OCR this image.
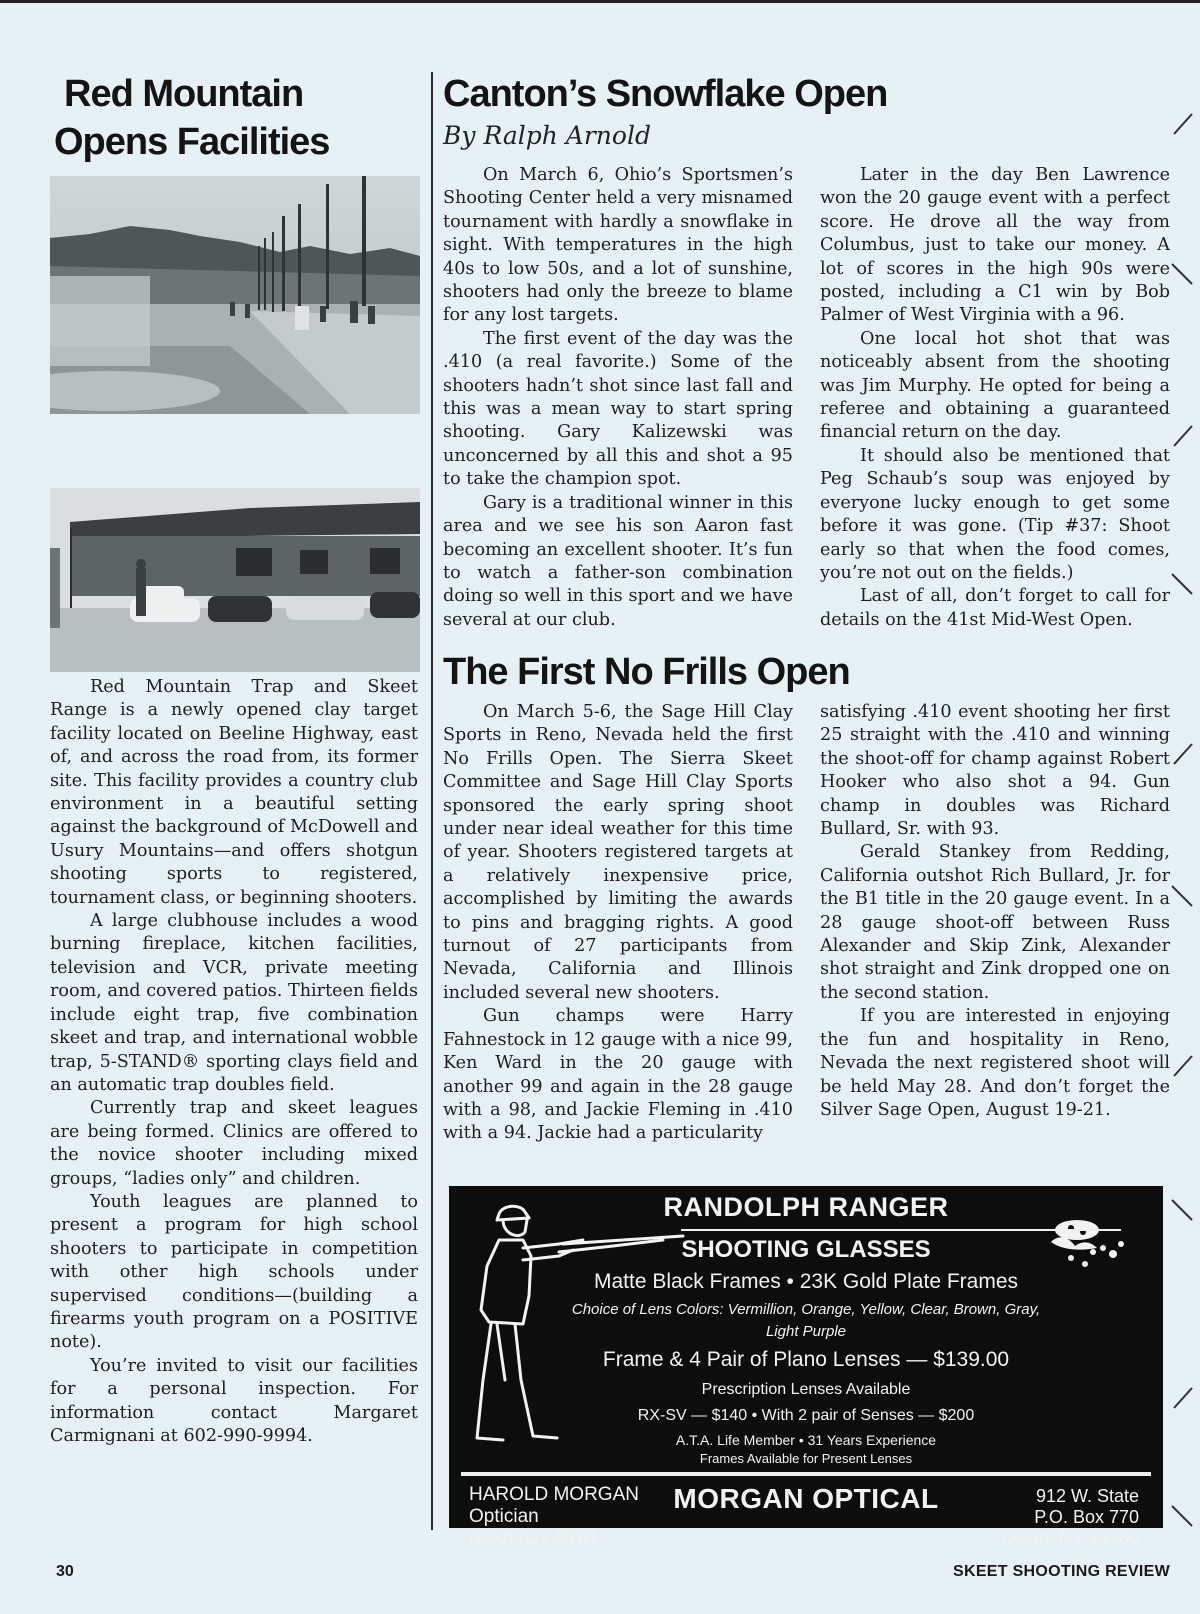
Red Mountain
Opens Facilities

Red Mountain Trap and Skeet Range is a newly opened clay target facility located on Beeline Highway, east of, and across the road from, its former site. This facility provides a country club environment in a beautiful setting against the background of McDowell and Usury Mountains—and offers shotgun shooting sports to registered, tournament class, or beginning shooters.

A large clubhouse includes a wood burning fireplace, kitchen facilities, television and VCR, private meeting room, and covered patios. Thirteen fields include eight trap, five combination skeet and trap, and international wobble trap, 5-STAND® sporting clays field and an automatic trap doubles field.

Currently trap and skeet leagues are being formed. Clinics are offered to the novice shooter including mixed groups, “ladies only” and children.

Youth leagues are planned to present a program for high school shooters to participate in competition with other high schools under supervised conditions—(building a firearms youth program on a POSITIVE note).

You’re invited to visit our facilities for a personal inspection. For information contact Margaret Carmignani at 602-990-9994.

Canton’s Snowflake Open
By Ralph Arnold

On March 6, Ohio’s Sportsmen’s Shooting Center held a very misnamed tournament with hardly a snowflake in sight. With temperatures in the high 40s to low 50s, and a lot of sunshine, shooters had only the breeze to blame for any lost targets.

The first event of the day was the .410 (a real favorite.) Some of the shooters hadn’t shot since last fall and this was a mean way to start spring shooting. Gary Kalizewski was unconcerned by all this and shot a 95 to take the champion spot.

Gary is a traditional winner in this area and we see his son Aaron fast becoming an excellent shooter. It’s fun to watch a father-son combination doing so well in this sport and we have several at our club.

Later in the day Ben Lawrence won the 20 gauge event with a perfect score. He drove all the way from Columbus, just to take our money. A lot of scores in the high 90s were posted, including a C1 win by Bob Palmer of West Virginia with a 96.

One local hot shot that was noticeably absent from the shooting was Jim Murphy. He opted for being a referee and obtaining a guaranteed financial return on the day.

It should also be mentioned that Peg Schaub’s soup was enjoyed by everyone lucky enough to get some before it was gone. (Tip #37: Shoot early so that when the food comes, you’re not out on the fields.)

Last of all, don’t forget to call for details on the 41st Mid-West Open.

The First No Frills Open

On March 5-6, the Sage Hill Clay Sports in Reno, Nevada held the first No Frills Open. The Sierra Skeet Committee and Sage Hill Clay Sports sponsored the early spring shoot under near ideal weather for this time of year. Shooters registered targets at a relatively inexpensive price, accomplished by limiting the awards to pins and bragging rights. A good turnout of 27 participants from Nevada, California and Illinois included several new shooters.

Gun champs were Harry Fahnestock in 12 gauge with a nice 99, Ken Ward in the 20 gauge with another 99 and again in the 28 gauge with a 98, and Jackie Fleming in .410 with a 94. Jackie had a particularity

satisfying .410 event shooting her first 25 straight with the .410 and winning the shoot-off for champ against Robert Hooker who also shot a 94. Gun champ in doubles was Richard Bullard, Sr. with 93.

Gerald Stankey from Redding, California outshot Rich Bullard, Jr. for the B1 title in the 20 gauge event. In a 28 gauge shoot-off between Russ Alexander and Skip Zink, Alexander shot straight and Zink dropped one on the second station.

If you are interested in enjoying the fun and hospitality in Reno, Nevada the next registered shoot will be held May 28. And don’t forget the Silver Sage Open, August 19-21.

RANDOLPH RANGER
SHOOTING GLASSES
Matte Black Frames • 23K Gold Plate Frames
Choice of Lens Colors: Vermillion, Orange, Yellow, Clear, Brown, Gray, Light Purple
Frame & 4 Pair of Plano Lenses — $139.00
Prescription Lenses Available
RX-SV — $140 • With 2 pair of Senses — $200
A.T.A. Life Member • 31 Years Experience
Frames Available for Present Lenses
HAROLD MORGAN
Optician
(800) 622-8781
MORGAN OPTICAL	912 W. State
P.O. Box 770
Olean, NY 14760
30	SKEET SHOOTING REVIEW
